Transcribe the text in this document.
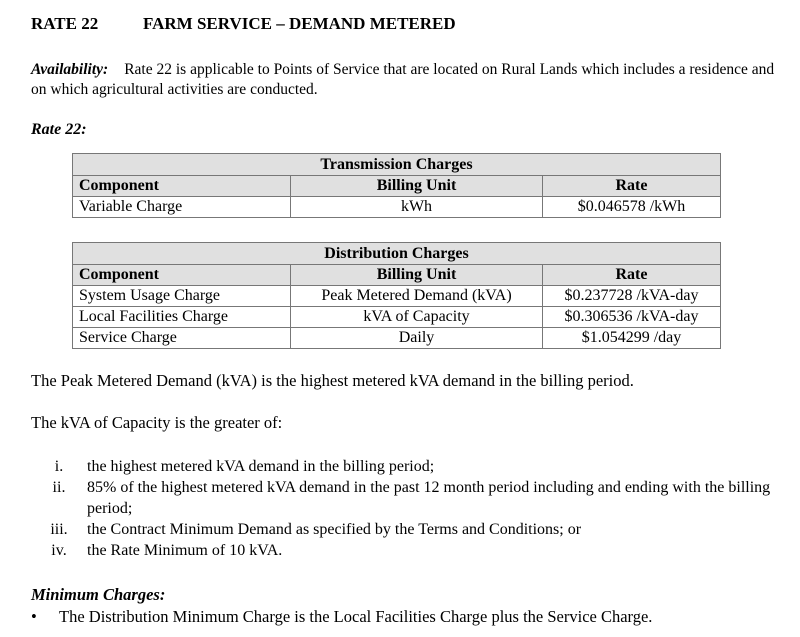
RATE 22	FARM SERVICE – DEMAND METERED
Availability: Rate 22 is applicable to Points of Service that are located on Rural Lands which includes a residence and on which agricultural activities are conducted.
Rate 22:
Transmission Charges		
Component	Billing Unit	Rate
Variable Charge	kWh	$0.046578 /kWh
Distribution Charges		
Component	Billing Unit	Rate
System Usage Charge	Peak Metered Demand (kVA)	$0.237728 /kVA-day
Local Facilities Charge	kVA of Capacity	$0.306536 /kVA-day
Service Charge	Daily	$1.054299 /day
The Peak Metered Demand (kVA) is the highest metered kVA demand in the billing period.
The kVA of Capacity is the greater of:
i.	the highest metered kVA demand in the billing period;
ii.	85% of the highest metered kVA demand in the past 12 month period including and ending with the billing period;
iii.	the Contract Minimum Demand as specified by the Terms and Conditions; or
iv.	the Rate Minimum of 10 kVA.
Minimum Charges:
•	The Distribution Minimum Charge is the Local Facilities Charge plus the Service Charge.
